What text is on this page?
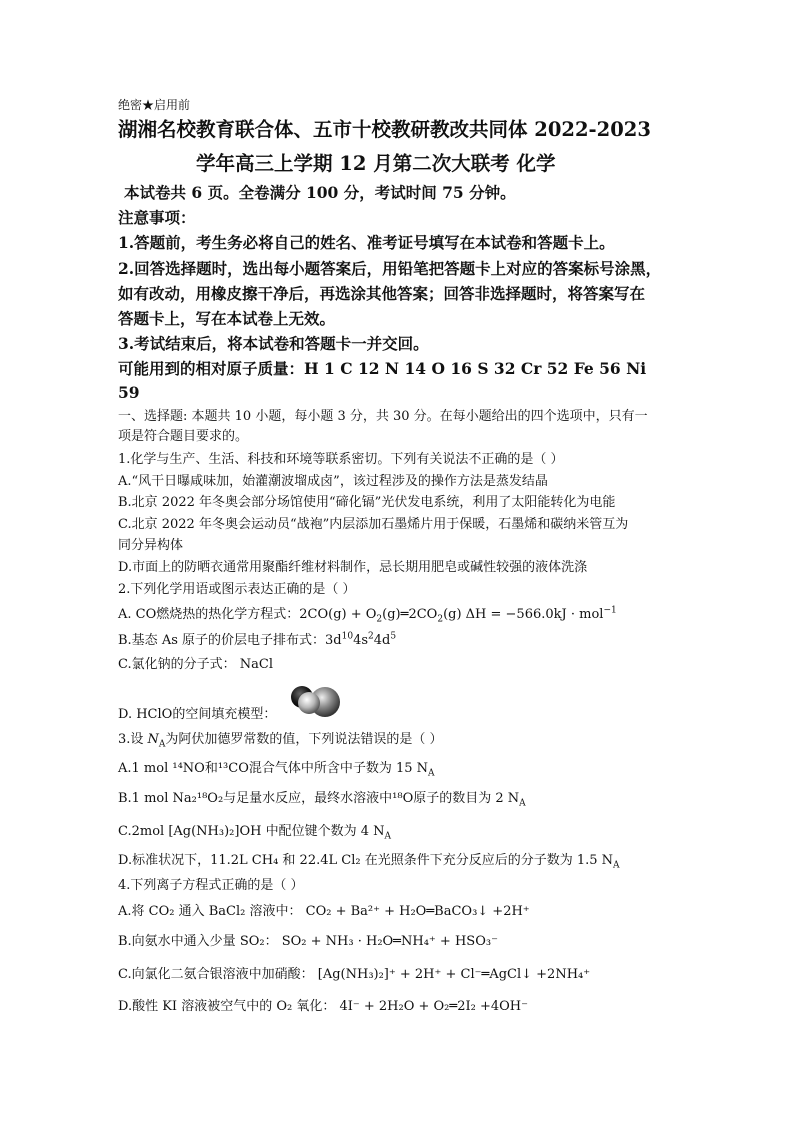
绝密★启用前
湖湘名校教育联合体、五市十校教研教改共同体 2022-2023
学年高三上学期 12 月第二次大联考 化学
本试卷共 6 页。全卷满分 100 分，考试时间 75 分钟。
注意事项：
1.答题前，考生务必将自己的姓名、准考证号填写在本试卷和答题卡上。
2.回答选择题时，选出每小题答案后，用铅笔把答题卡上对应的答案标号涂黑，
如有改动，用橡皮擦干净后，再选涂其他答案；回答非选择题时，将答案写在
答题卡上，写在本试卷上无效。
3.考试结束后，将本试卷和答题卡一并交回。
可能用到的相对原子质量：H 1 C 12 N 14 O 16 S 32 Cr 52 Fe 56 Ni
59
一、选择题: 本题共 10 小题，每小题 3 分，共 30 分。在每小题给出的四个选项中，只有一
项是符合题目要求的。
1.化学与生产、生活、科技和环境等联系密切。下列有关说法不正确的是（ ）
A.“风干日曝咸味加，始灌潮波塯成卤”，该过程涉及的操作方法是蒸发结晶
B.北京 2022 年冬奥会部分场馆使用“碲化镉”光伏发电系统，利用了太阳能转化为电能
C.北京 2022 年冬奥会运动员“战袍”内层添加石墨烯片用于保暖，石墨烯和碳纳米管互为
同分异构体
D.市面上的防晒衣通常用聚酯纤维材料制作，忌长期用肥皂或碱性较强的液体洗涤
2.下列化学用语或图示表达正确的是（ ）
A. CO燃烧热的热化学方程式：$2CO(g) + O_2(g)═2CO_2(g) \Delta H = -566.0kJ \cdot mol^{-1}$
B.基态 As 原子的价层电子排布式：$3d^{10}4s^24d^5$
C.氯化钠的分子式： NaCl
D. HClO的空间填充模型：
3.设 $N_A$为阿伏加德罗常数的值，下列说法错误的是（ ）
A.1 mol ¹⁴NO和¹³CO混合气体中所含中子数为 15 $N_A$
B.1 mol Na₂¹⁸O₂与足量水反应，最终水溶液中¹⁸O原子的数目为 2 $N_A$
C.2mol [Ag(NH₃)₂]OH 中配位键个数为 4 $N_A$
D.标准状况下，11.2L CH₄ 和 22.4L Cl₂ 在光照条件下充分反应后的分子数为 1.5 $N_A$
4.下列离子方程式正确的是（ ）
A.将 CO₂ 通入 BaCl₂ 溶液中： CO₂ + Ba²⁺ + H₂O═BaCO₃↓ +2H⁺
B.向氨水中通入少量 SO₂： SO₂ + NH₃ · H₂O═NH₄⁺ + HSO₃⁻
C.向氯化二氨合银溶液中加硝酸： [Ag(NH₃)₂]⁺ + 2H⁺ + Cl⁻═AgCl↓ +2NH₄⁺
D.酸性 KI 溶液被空气中的 O₂ 氧化： 4I⁻ + 2H₂O + O₂═2I₂ +4OH⁻
